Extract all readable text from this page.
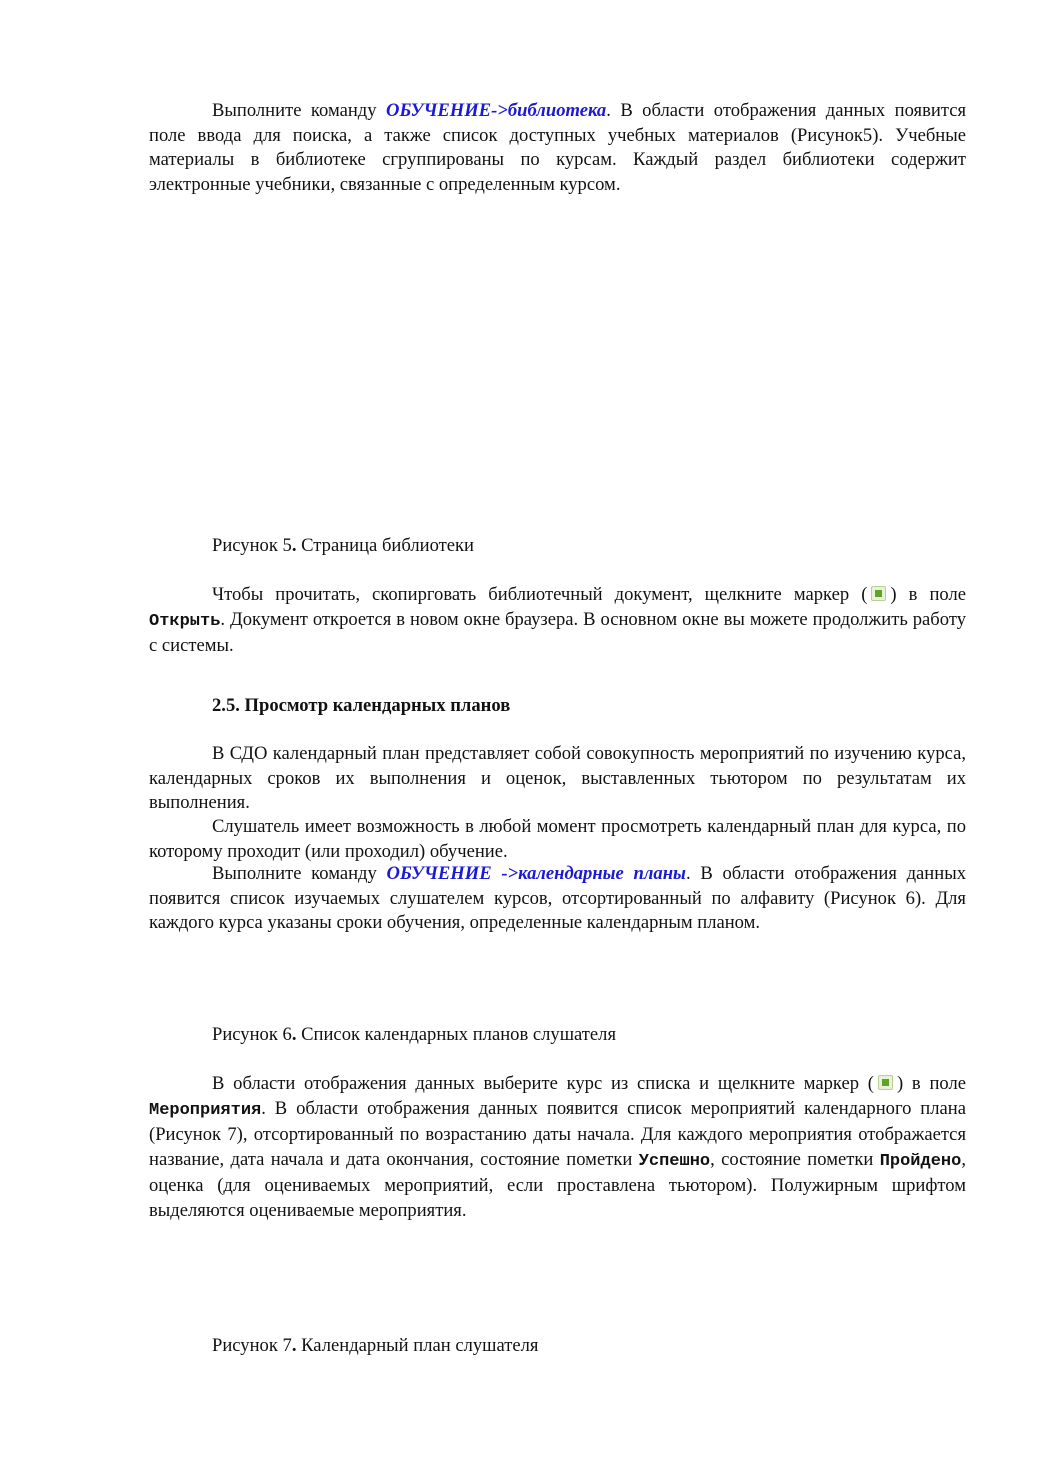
Выполните команду ОБУЧЕНИЕ->библиотека. В области отображения данных появится поле ввода для поиска, а также список доступных учебных материалов (Рисунок5). Учебные материалы в библиотеке сгруппированы по курсам. Каждый раздел библиотеки содержит электронные учебники, связанные с определенным курсом.

Рисунок 5. Страница библиотеки

Чтобы прочитать, скопирговать библиотечный документ, щелкните маркер ( ) в поле Открыть. Документ откроется в новом окне браузера. В основном окне вы можете продолжить работу с системы.

2.5. Просмотр календарных планов

В СДО календарный план представляет собой совокупность мероприятий по изучению курса, календарных сроков их выполнения и оценок, выставленных тьютором по результатам их выполнения.

Слушатель имеет возможность в любой момент просмотреть календарный план для курса, по которому проходит (или проходил) обучение.

Выполните команду ОБУЧЕНИЕ ->календарные планы. В области отображения данных появится список изучаемых слушателем курсов, отсортированный по алфавиту (Рисунок 6). Для каждого курса указаны сроки обучения, определенные календарным планом.

Рисунок 6. Список календарных планов слушателя

В области отображения данных выберите курс из списка и щелкните маркер ( ) в поле Мероприятия. В области отображения данных появится список мероприятий календарного плана (Рисунок 7), отсортированный по возрастанию даты начала. Для каждого мероприятия отображается название, дата начала и дата окончания, состояние пометки Успешно, состояние пометки Пройдено, оценка (для оцениваемых мероприятий, если проставлена тьютором). Полужирным шрифтом выделяются оцениваемые мероприятия.

Рисунок 7. Календарный план слушателя
